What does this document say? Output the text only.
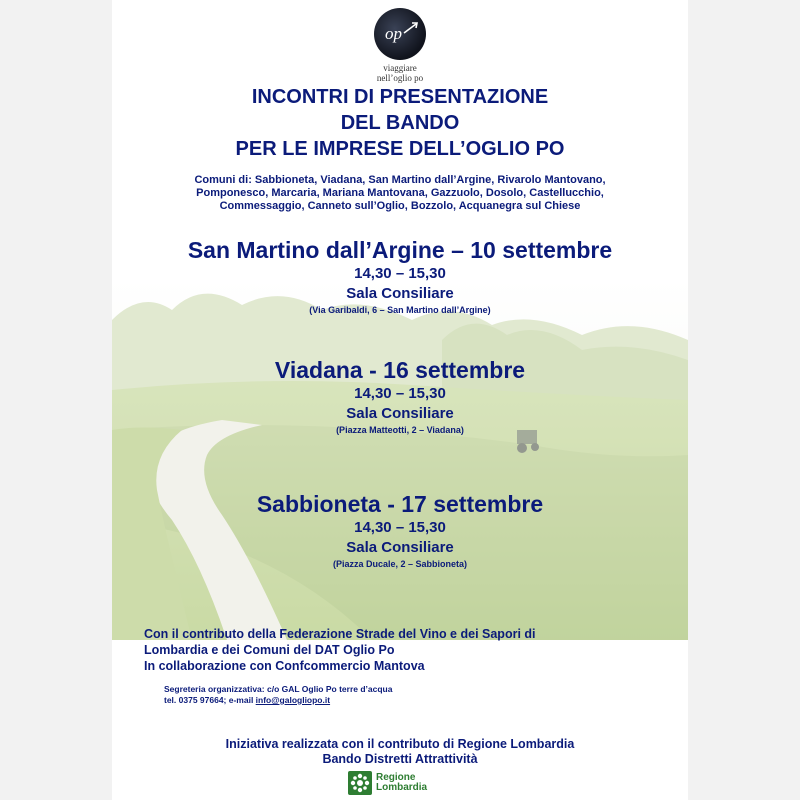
op
viaggiare
nell’oglio po
INCONTRI DI PRESENTAZIONE
DEL BANDO
PER LE IMPRESE DELL’OGLIO PO
Comuni di: Sabbioneta, Viadana, San Martino dall’Argine, Rivarolo Mantovano,
Pomponesco, Marcaria, Mariana Mantovana, Gazzuolo, Dosolo, Castellucchio,
Commessaggio, Canneto sull’Oglio, Bozzolo, Acquanegra sul Chiese
San Martino dall’Argine – 10 settembre
14,30 – 15,30
Sala Consiliare
(Via Garibaldi, 6 – San Martino dall’Argine)
Viadana - 16 settembre
14,30 – 15,30
Sala Consiliare
(Piazza Matteotti, 2 – Viadana)
Sabbioneta - 17 settembre
14,30 – 15,30
Sala Consiliare
(Piazza Ducale, 2 – Sabbioneta)
Con il contributo della Federazione Strade del Vino e dei Sapori di
Lombardia e dei Comuni del DAT Oglio Po
In collaborazione con Confcommercio Mantova
Segreteria organizzativa: c/o GAL Oglio Po terre d’acqua
tel. 0375 97664; e-mail info@galogliopo.it
Iniziativa realizzata con il contributo di Regione Lombardia
Bando Distretti Attrattività
Regione
Lombardia
